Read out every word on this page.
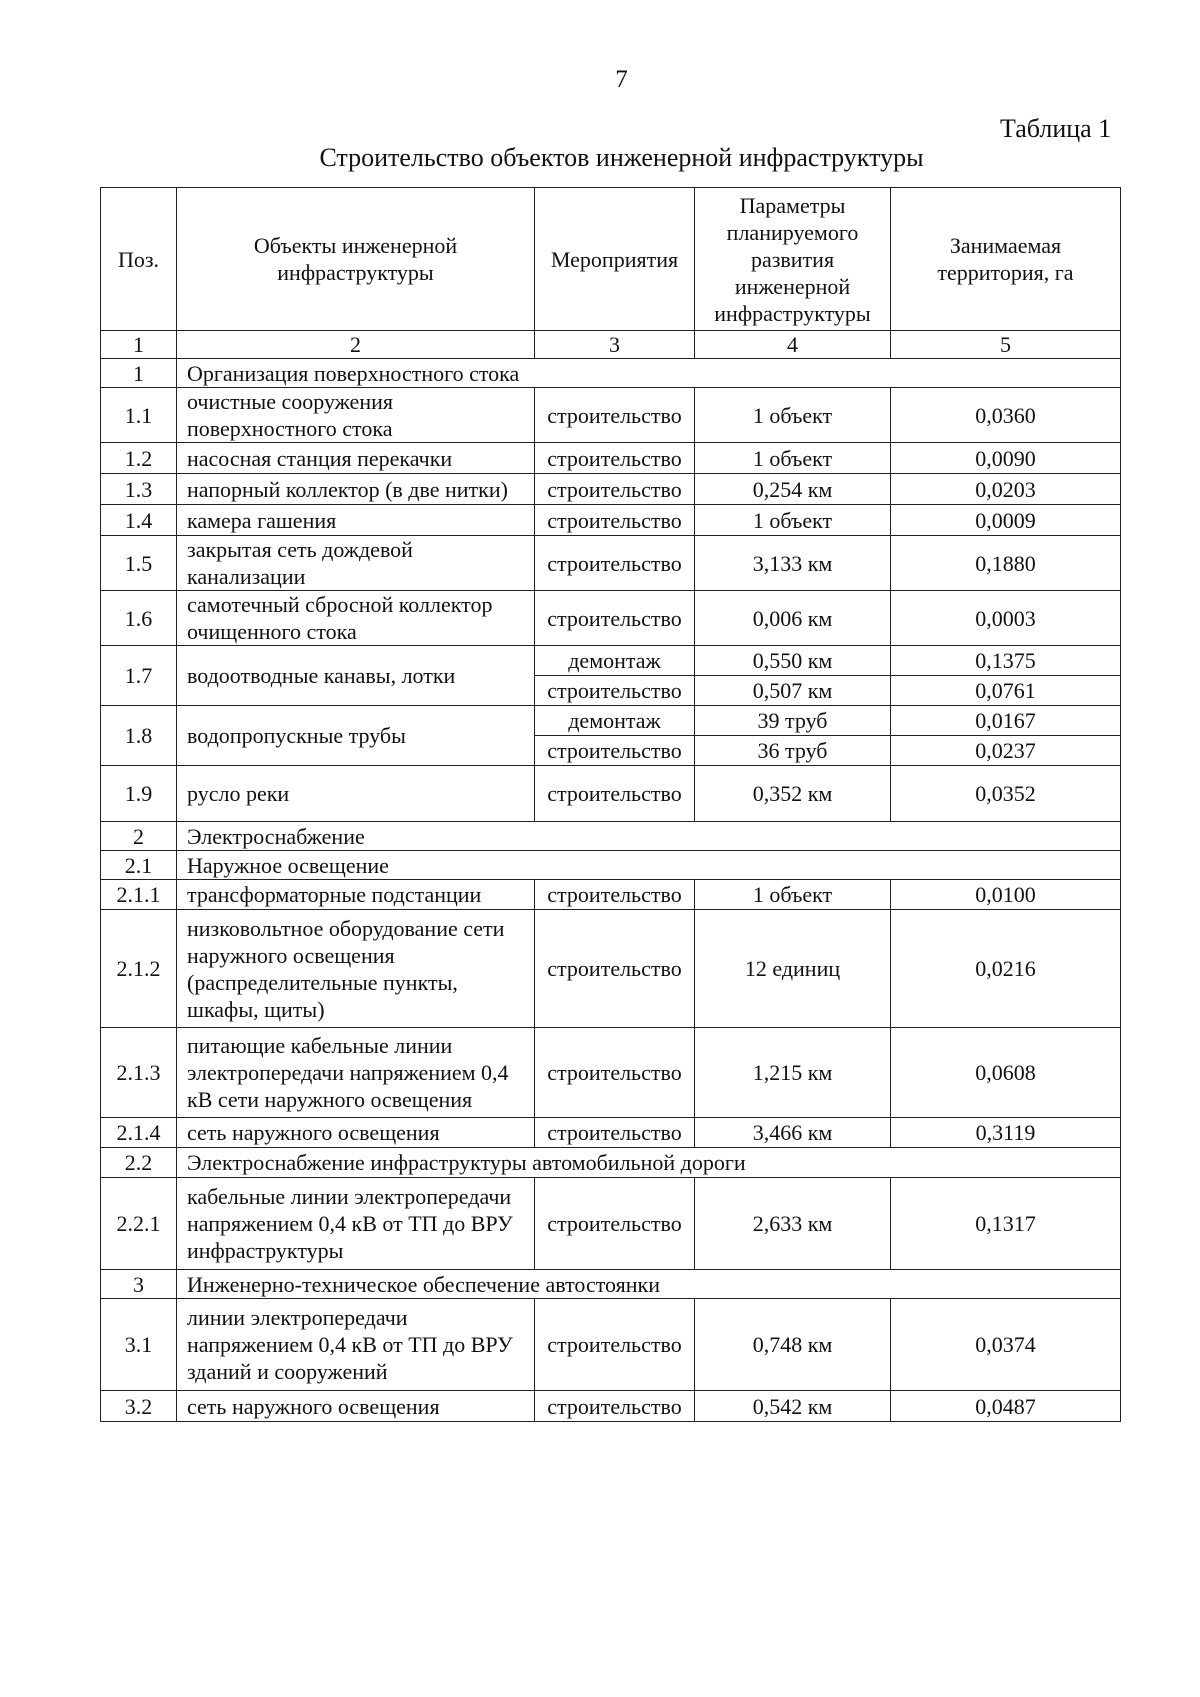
7
Таблица 1
Строительство объектов инженерной инфраструктуры
Поз.	Объекты инженерной инфраструктуры	Мероприятия	Параметры планируемого развития инженерной инфраструктуры	Занимаемая территория, га
1	2	3	4	5
1	Организация поверхностного стока			
1.1	очистные сооружения поверхностного стока	строительство	1 объект	0,0360
1.2	насосная станция перекачки	строительство	1 объект	0,0090
1.3	напорный коллектор (в две нитки)	строительство	0,254 км	0,0203
1.4	камера гашения	строительство	1 объект	0,0009
1.5	закрытая сеть дождевой канализации	строительство	3,133 км	0,1880
1.6	самотечный сбросной коллектор очищенного стока	строительство	0,006 км	0,0003
1.7	водоотводные канавы, лотки	демонтаж	0,550 км	0,1375
		строительство	0,507 км	0,0761
1.8	водопропускные трубы	демонтаж	39 труб	0,0167
		строительство	36 труб	0,0237
1.9	русло реки	строительство	0,352 км	0,0352
2	Электроснабжение			
2.1	Наружное освещение			
2.1.1	трансформаторные подстанции	строительство	1 объект	0,0100
2.1.2	низковольтное оборудование сети наружного освещения (распределительные пункты, шкафы, щиты)	строительство	12 единиц	0,0216
2.1.3	питающие кабельные линии электропередачи напряжением 0,4 кВ сети наружного освещения	строительство	1,215 км	0,0608
2.1.4	сеть наружного освещения	строительство	3,466 км	0,3119
2.2	Электроснабжение инфраструктуры автомобильной дороги			
2.2.1	кабельные линии электропередачи напряжением 0,4 кВ от ТП до ВРУ инфраструктуры	строительство	2,633 км	0,1317
3	Инженерно-техническое обеспечение автостоянки			
3.1	линии электропередачи напряжением 0,4 кВ от ТП до ВРУ зданий и сооружений	строительство	0,748 км	0,0374
3.2	сеть наружного освещения	строительство	0,542 км	0,0487
